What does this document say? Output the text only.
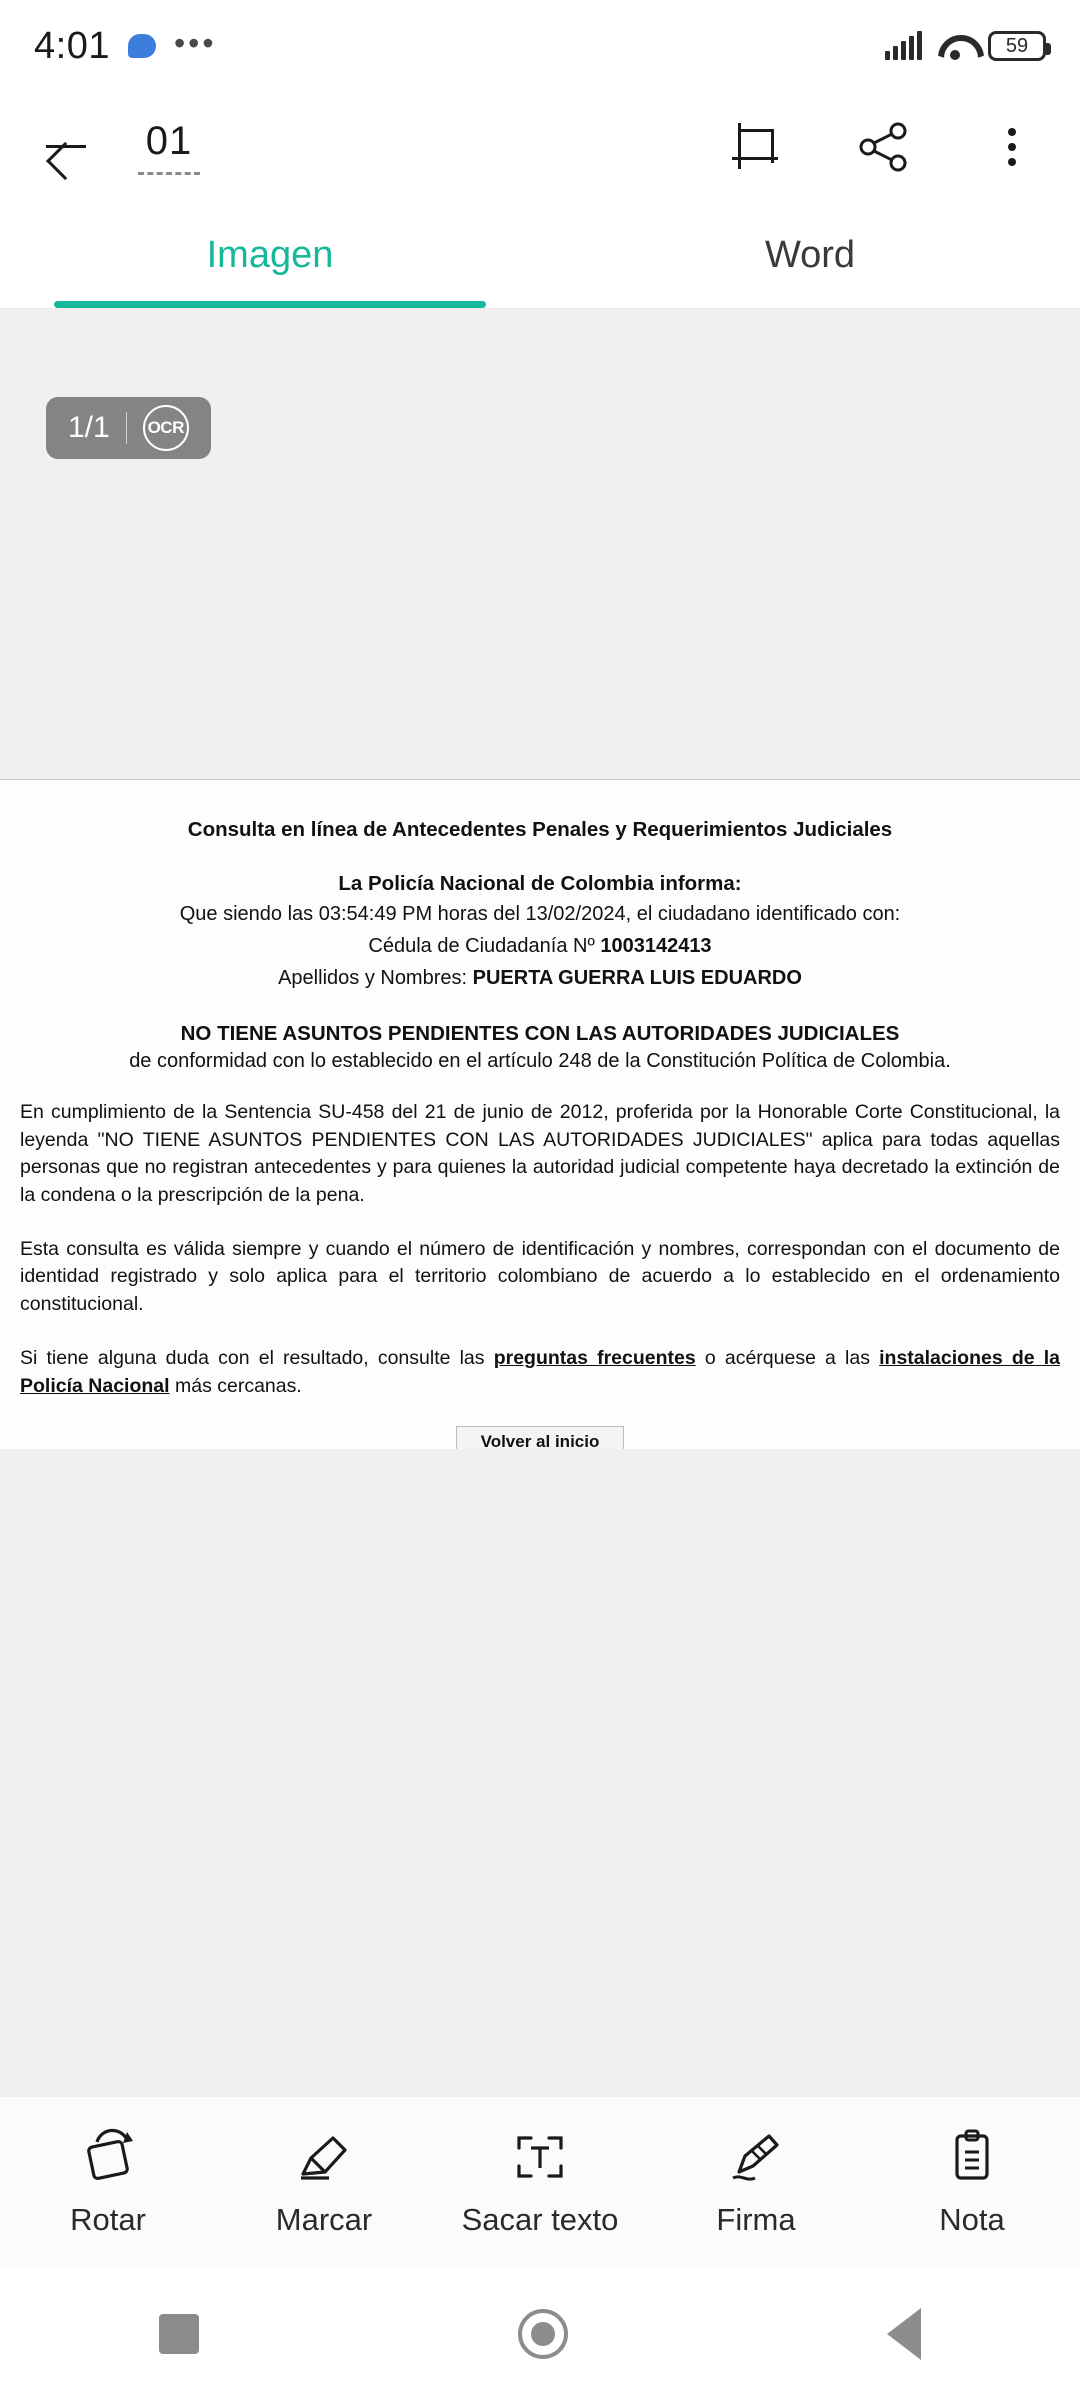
4:01 •••	59
01
Imagen	Word
1/1 OCR
Consulta en línea de Antecedentes Penales y Requerimientos Judiciales
La Policía Nacional de Colombia informa:
Que siendo las 03:54:49 PM horas del 13/02/2024, el ciudadano identificado con:
Cédula de Ciudadanía Nº 1003142413
Apellidos y Nombres: PUERTA GUERRA LUIS EDUARDO
NO TIENE ASUNTOS PENDIENTES CON LAS AUTORIDADES JUDICIALES
de conformidad con lo establecido en el artículo 248 de la Constitución Política de Colombia.
En cumplimiento de la Sentencia SU-458 del 21 de junio de 2012, proferida por la Honorable Corte Constitucional, la leyenda "NO TIENE ASUNTOS PENDIENTES CON LAS AUTORIDADES JUDICIALES" aplica para todas aquellas personas que no registran antecedentes y para quienes la autoridad judicial competente haya decretado la extinción de la condena o la prescripción de la pena.
Esta consulta es válida siempre y cuando el número de identificación y nombres, correspondan con el documento de identidad registrado y solo aplica para el territorio colombiano de acuerdo a lo establecido en el ordenamiento constitucional.
Si tiene alguna duda con el resultado, consulte las preguntas frecuentes o acérquese a las instalaciones de la Policía Nacional más cercanas.
Volver al inicio
Rotar	Marcar	Sacar texto	Firma	Nota
